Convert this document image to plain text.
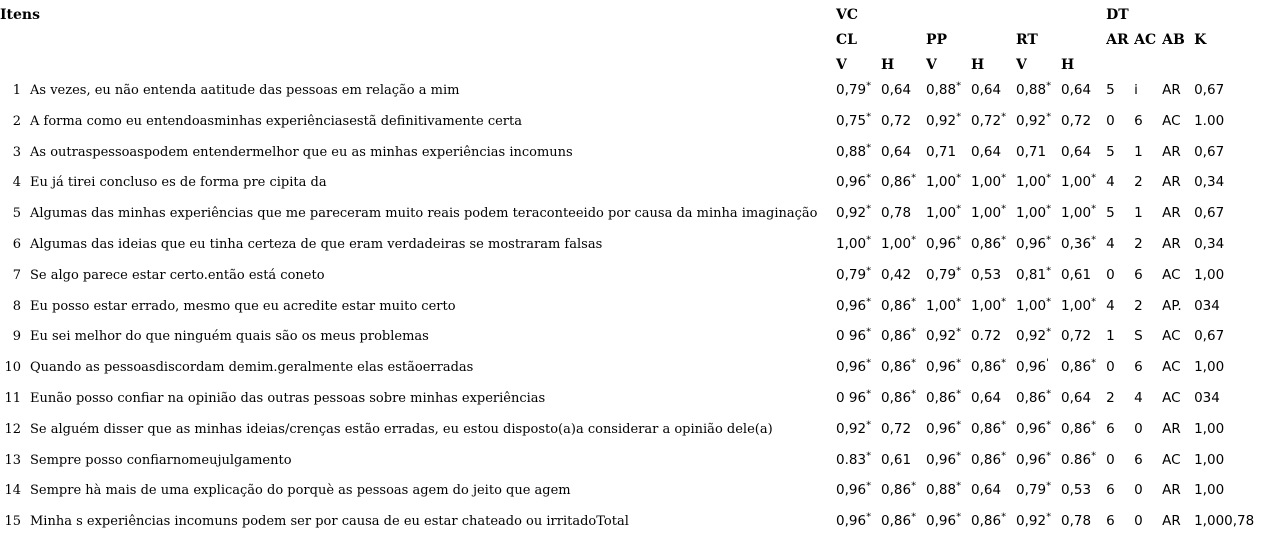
Itens		VC						DT			
		CL		PP		RT		AR	AC	AB	K
		V	H	V	H	V	H				
1	As vezes, eu não entenda aatitude das pessoas em relação a mim	0,79*	0,64	0,88*	0,64	0,88*	0,64	5	i	AR	0,67
2	A forma como eu entendoasminhas experiênciasestã definitivamente certa	0,75*	0,72	0,92*	0,72*	0,92*	0,72	0	6	AC	1.00
3	As outraspessoaspodem entendermelhor que eu as minhas experiências incomuns	0,88*	0,64	0,71	0,64	0,71	0,64	5	1	AR	0,67
4	Eu já tirei concluso es de forma pre cipita da	0,96*	0,86*	1,00*	1,00*	1,00*	1,00*	4	2	AR	0,34
5	Algumas das minhas experiências que me pareceram muito reais podem teraconteeido por causa da minha imaginação	0,92*	0,78	1,00*	1,00*	1,00*	1,00*	5	1	AR	0,67
6	Algumas das ideias que eu tinha certeza de que eram verdadeiras se mostraram falsas	1,00*	1,00*	0,96*	0,86*	0,96*	0,36*	4	2	AR	0,34
7	Se algo parece estar certo.então está coneto	0,79*	0,42	0,79*	0,53	0,81*	0,61	0	6	AC	1,00
8	Eu posso estar errado, mesmo que eu acredite estar muito certo	0,96*	0,86*	1,00*	1,00*	1,00*	1,00*	4	2	AP.	034
9	Eu sei melhor do que ninguém quais são os meus problemas	0 96*	0,86*	0,92*	0.72	0,92*	0,72	1	S	AC	0,67
10	Quando as pessoasdiscordam demim.geralmente elas estãoerradas	0,96*	0,86*	0,96*	0,86*	0,96'	0,86*	0	6	AC	1,00
11	Eunão posso confiar na opinião das outras pessoas sobre minhas experiências	0 96*	0,86*	0,86*	0,64	0,86*	0,64	2	4	AC	034
12	Se alguém disser que as minhas ideias/crenças estão erradas, eu estou disposto(a)a considerar a opinião dele(a)	0,92*	0,72	0,96*	0,86*	0,96*	0,86*	6	0	AR	1,00
13	Sempre posso confiarnomeujulgamento	0.83*	0,61	0,96*	0,86*	0,96*	0.86*	0	6	AC	1,00
14	Sempre hà mais de uma explicação do porquè as pessoas agem do jeito que agem	0,96*	0,86*	0,88*	0,64	0,79*	0,53	6	0	AR	1,00
15	Minha s experiências incomuns podem ser por causa de eu estar chateado ou irritadoTotal	0,96*	0,86*	0,96*	0,86*	0,92*	0,78	6	0	AR	1,000,78
